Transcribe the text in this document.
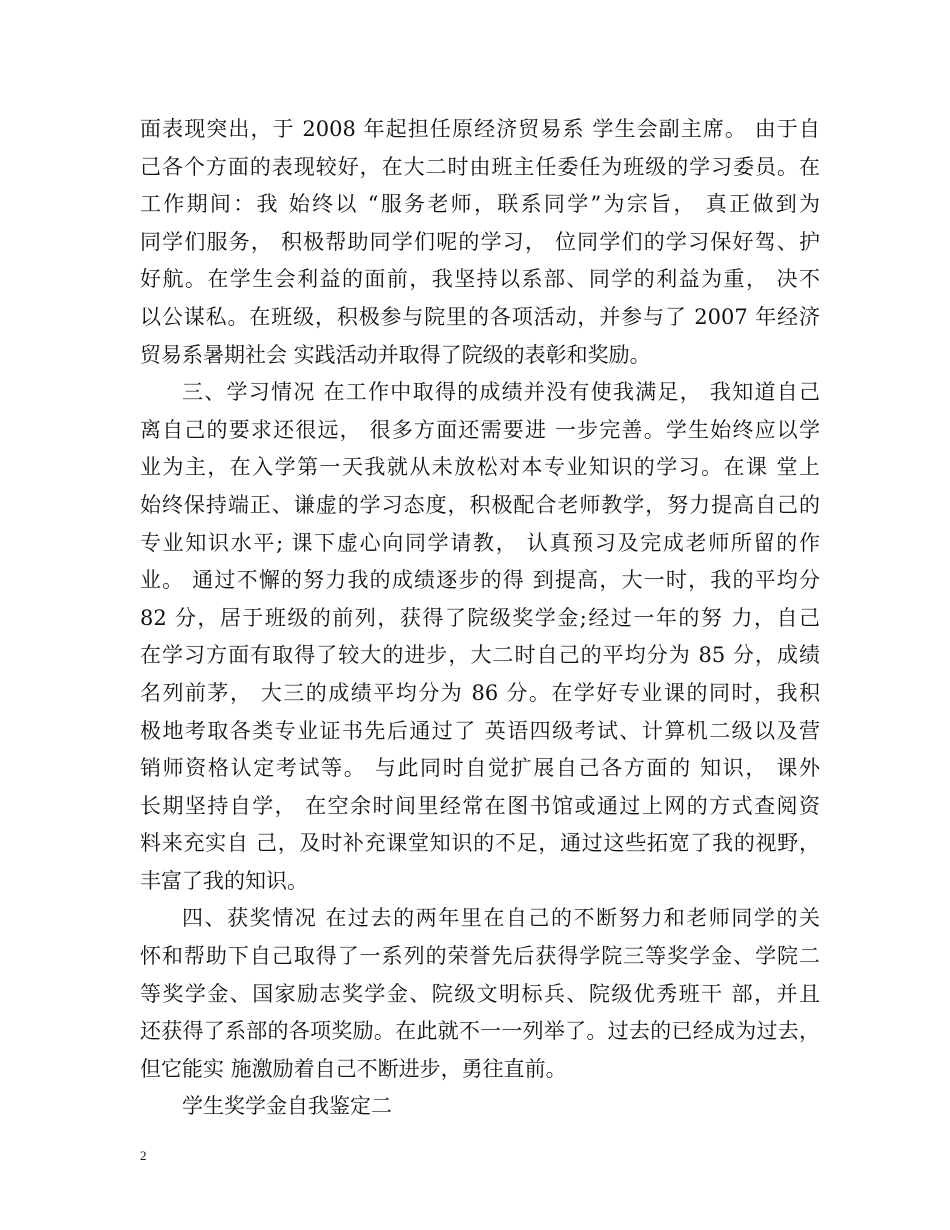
面表现突出，于 2008 年起担任原经济贸易系 学生会副主席。 由于自
己各个方面的表现较好，在大二时由班主任委任为班级的学习委员。在
工作期间：我 始终以 “服务老师，联系同学”为宗旨， 真正做到为
同学们服务， 积极帮助同学们呢的学习， 位同学们的学习保好驾、护
好航。在学生会利益的面前，我坚持以系部、同学的利益为重， 决不
以公谋私。在班级，积极参与院里的各项活动，并参与了 2007 年经济
贸易系暑期社会 实践活动并取得了院级的表彰和奖励。
三、学习情况 在工作中取得的成绩并没有使我满足， 我知道自己
离自己的要求还很远， 很多方面还需要进 一步完善。学生始终应以学
业为主，在入学第一天我就从未放松对本专业知识的学习。在课 堂上
始终保持端正、谦虚的学习态度，积极配合老师教学，努力提高自己的
专业知识水平; 课下虚心向同学请教， 认真预习及完成老师所留的作
业。 通过不懈的努力我的成绩逐步的得 到提高，大一时，我的平均分
82 分，居于班级的前列，获得了院级奖学金;经过一年的努 力，自己
在学习方面有取得了较大的进步，大二时自己的平均分为 85 分，成绩
名列前茅， 大三的成绩平均分为 86 分。在学好专业课的同时，我积
极地考取各类专业证书先后通过了 英语四级考试、计算机二级以及营
销师资格认定考试等。 与此同时自觉扩展自己各方面的 知识， 课外
长期坚持自学， 在空余时间里经常在图书馆或通过上网的方式查阅资
料来充实自 己，及时补充课堂知识的不足，通过这些拓宽了我的视野，
丰富了我的知识。
四、获奖情况 在过去的两年里在自己的不断努力和老师同学的关
怀和帮助下自己取得了一系列的荣誉先后获得学院三等奖学金、学院二
等奖学金、国家励志奖学金、院级文明标兵、院级优秀班干 部，并且
还获得了系部的各项奖励。在此就不一一列举了。过去的已经成为过去，
但它能实 施激励着自己不断进步，勇往直前。
学生奖学金自我鉴定二
2
